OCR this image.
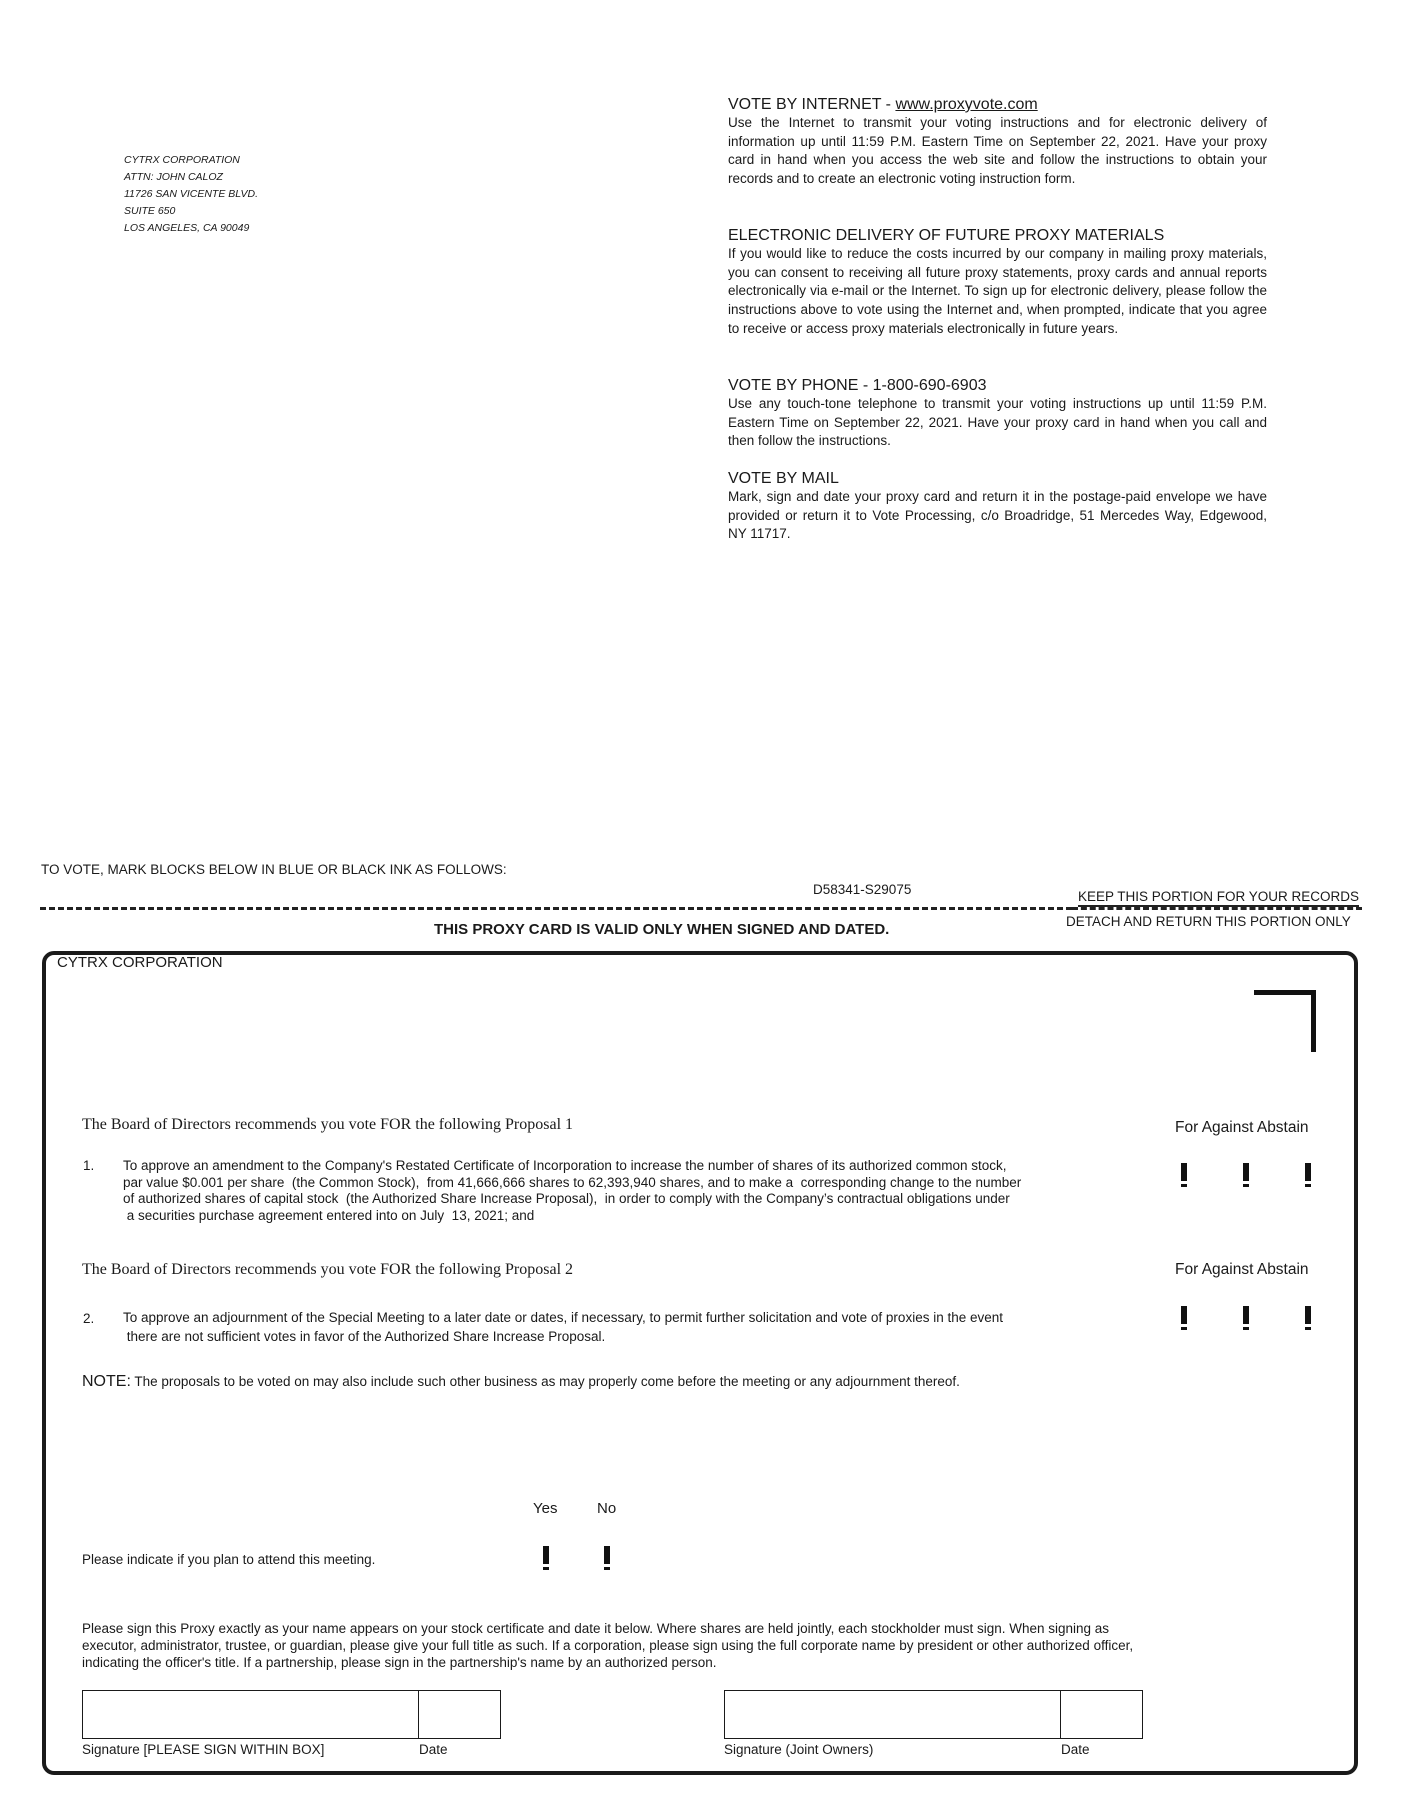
CYTRX CORPORATION
ATTN: JOHN CALOZ
11726 SAN VICENTE BLVD.
SUITE 650
LOS ANGELES, CA 90049
VOTE BY INTERNET - www.proxyvote.com

Use the Internet to transmit your voting instructions and for electronic delivery of information up until 11:59 P.M. Eastern Time on September 22, 2021. Have your proxy card in hand when you access the web site and follow the instructions to obtain your records and to create an electronic voting instruction form.

ELECTRONIC DELIVERY OF FUTURE PROXY MATERIALS

If you would like to reduce the costs incurred by our company in mailing proxy materials, you can consent to receiving all future proxy statements, proxy cards and annual reports electronically via e-mail or the Internet. To sign up for electronic delivery, please follow the instructions above to vote using the Internet and, when prompted, indicate that you agree to receive or access proxy materials electronically in future years.

VOTE BY PHONE - 1-800-690-6903

Use any touch-tone telephone to transmit your voting instructions up until 11:59 P.M. Eastern Time on September 22, 2021. Have your proxy card in hand when you call and then follow the instructions.

VOTE BY MAIL

Mark, sign and date your proxy card and return it in the postage-paid envelope we have provided or return it to Vote Processing, c/o Broadridge, 51 Mercedes Way, Edgewood, NY 11717.

TO VOTE, MARK BLOCKS BELOW IN BLUE OR BLACK INK AS FOLLOWS:
D58341-S29075	KEEP THIS PORTION FOR YOUR RECORDS
DETACH AND RETURN THIS PORTION ONLY
THIS PROXY CARD IS VALID ONLY WHEN SIGNED AND DATED.
CYTRX CORPORATION
The Board of Directors recommends you vote FOR the following Proposal 1	For Against Abstain
1. To approve an amendment to the Company's Restated Certificate of Incorporation to increase the number of shares of its authorized common stock,
par value $0.001 per share  (the Common Stock),  from 41,666,666 shares to 62,393,940 shares, and to make a  corresponding change to the number
of authorized shares of capital stock  (the Authorized Share Increase Proposal),  in order to comply with the Company’s contractual obligations under
a securities purchase agreement entered into on July  13, 2021; and
The Board of Directors recommends you vote FOR the following Proposal 2	For Against Abstain
2. To approve an adjournment of the Special Meeting to a later date or dates, if necessary, to permit further solicitation and vote of proxies in the event
there are not sufficient votes in favor of the Authorized Share Increase Proposal.
NOTE: The proposals to be voted on may also include such other business as may properly come before the meeting or any adjournment thereof.
Yes	No
Please indicate if you plan to attend this meeting.
Please sign this Proxy exactly as your name appears on your stock certificate and date it below. Where shares are held jointly, each stockholder must sign. When signing as executor, administrator, trustee, or guardian, please give your full title as such. If a corporation, please sign using the full corporate name by president or other authorized officer, indicating the officer's title. If a partnership, please sign in the partnership's name by an authorized person.
Signature [PLEASE SIGN WITHIN BOX]	Date	Signature (Joint Owners)	Date
